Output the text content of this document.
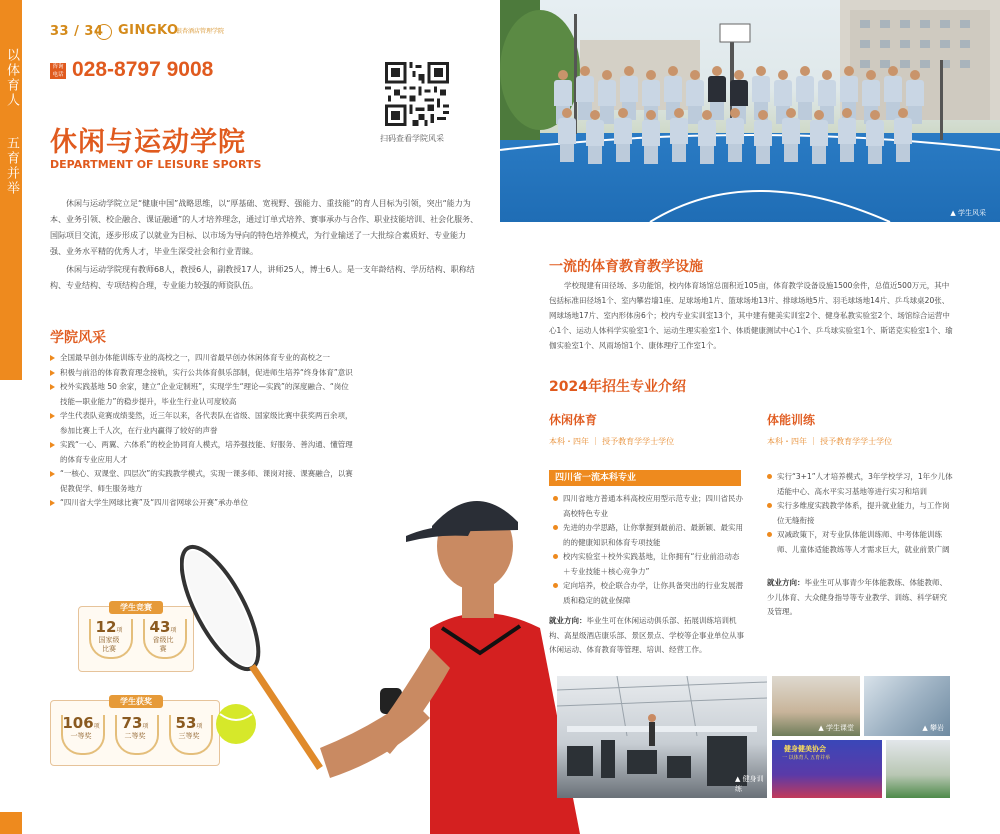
以体育人
五育并举
33 / 34 GINGKO
银杏酒店管理学院
咨询电话 028-8797 9008
扫码查看学院风采
休闲与运动学院
DEPARTMENT OF LEISURE SPORTS

休闲与运动学院立足“健康中国”战略思维，以“厚基础、宽视野、强能力、重技能”的育人目标为引领，突出“能力为本、业务引领、校企融合、课证融通”的人才培养理念，通过订单式培养、赛事承办与合作、职业技能培训、社会化服务、国际项目交流，逐步形成了以就业为目标、以市场为导向的特色培养模式，为行业输送了一大批综合素质好、专业能力强、业务水平精的优秀人才，毕业生深受社会和行业青睐。

休闲与运动学院现有教师68人，教授6人，副教授17人，讲师25人，博士6人。是一支年龄结构、学历结构、职称结构、专业结构、专项结构合理，专业能力较强的师资队伍。

学院风采
全国最早创办体能训练专业的高校之一，四川省最早创办休闲体育专业的高校之一
积极与前沿的体育教育理念接轨，实行公共体育俱乐部制，促进师生培养“终身体育”意识
校外实践基地 50 余家，建立“企业定制班”，实现学生“理论—实践”的深度融合、“岗位技能—职业能力”的稳步提升，毕业生行业认可度较高
学生代表队竞赛成绩斐然，近三年以来，各代表队在省级、国家级比赛中获奖两百余项，参加比赛上千人次，在行业内赢得了较好的声誉
实践“一心、两翼、六体系”的校企协同育人模式，培养强技能、好服务、善沟通、懂管理的体育专业应用人才
“一核心、双课堂、四层次”的实践教学模式，实现一课多师、课岗对接、课赛融合，以赛促教促学、师生服务地方
“四川省大学生网球比赛”及“四川省网球公开赛”承办单位
学生竞赛
12项
国家级比赛
43项
省级比赛
学生获奖
106项
一等奖
73项
二等奖
53项
三等奖
▲ 学生风采
一流的体育教育教学设施

学校现建有田径场、多功能馆，校内体育场馆总面积近105亩，体育教学设备设施1500余件，总值近500万元，其中包括标准田径场1个、室内攀岩墙1座、足球场地1片、篮球场地13片、排球场地5片、羽毛球场地14片、乒乓球桌20张、网球场地17片、室内形体房6个；校内专业实训室13个，其中建有健美实训室2个、健身私教实验室2个、场馆综合运营中心1个、运动人体科学实验室1个、运动生理实验室1个、体质健康测试中心1个、乒乓球实验室1个、斯诺克实验室1个、瑜伽实验室1个、风雨场馆1个、康体理疗工作室1个。

2024年招生专业介绍
休闲体育
本科・四年 ｜ 授予教育学学士学位
四川省一流本科专业
四川省地方普通本科高校应用型示范专业；四川省民办高校特色专业
先进的办学思路，让你掌握到最前沿、最新颖、最实用的的健康知识和体育专项技能
校内实验室＋校外实践基地，让你拥有“行业前沿动态＋专业技能＋核心竞争力”
定向培养，校企联合办学，让你具备突出的行业发展潜质和稳定的就业保障

就业方向：毕业生可在休闲运动俱乐部、拓展训练培训机构、高星级酒店康乐部、景区景点、学校等企事业单位从事休闲运动、体育教育等管理、培训、经营工作。

体能训练
本科・四年 ｜ 授予教育学学士学位
实行“3+1”人才培养模式，3年学校学习，1年少儿体适能中心、高水平实习基地等进行实习和培训
实行多维度实践教学体系，提升就业能力，与工作岗位无缝衔接
双减政策下，对专业队体能训练师、中考体能训练师、儿童体适能教练等人才需求巨大，就业前景广阔

就业方向：毕业生可从事青少年体能教练、体能教师、少儿体育、大众健身指导等专业教学、训练、科学研究及管理。

▲ 健身训练
▲ 学生课堂	▲ 攀岩
健身健美协会
一 以体育人 五育并举
